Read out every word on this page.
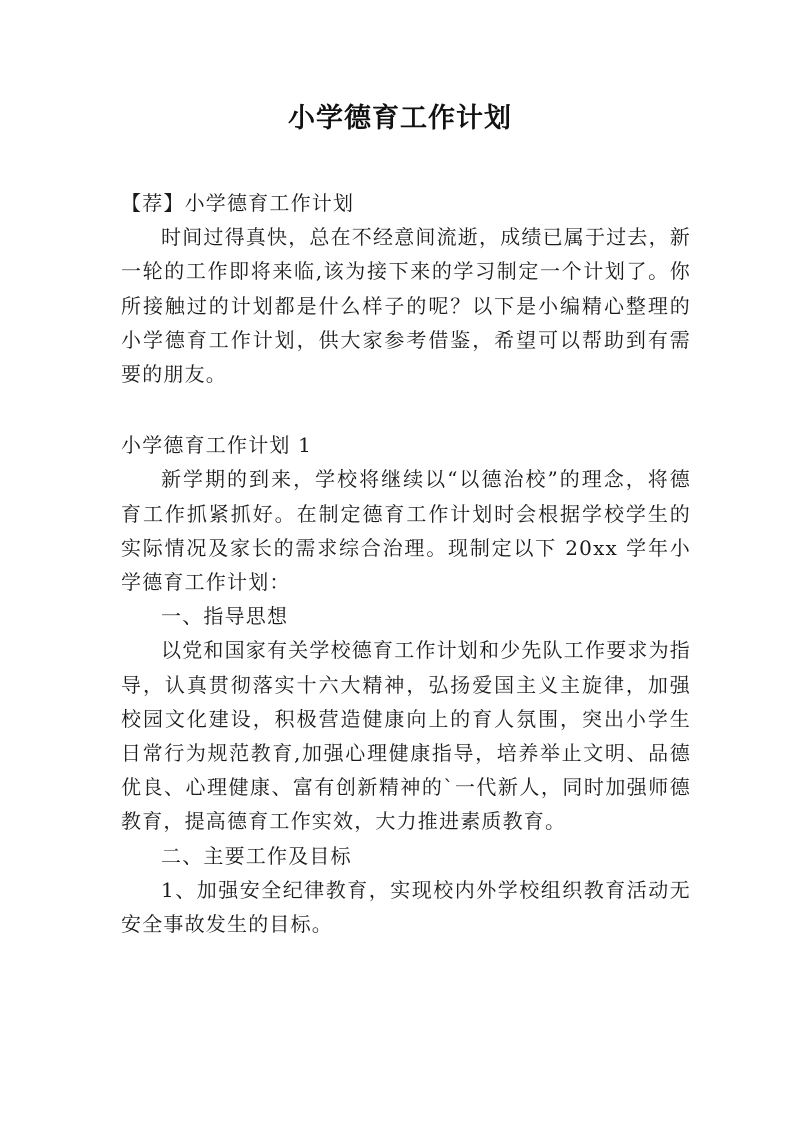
小学德育工作计划

【荐】小学德育工作计划

时间过得真快，总在不经意间流逝，成绩已属于过去，新一轮的工作即将来临,该为接下来的学习制定一个计划了。你所接触过的计划都是什么样子的呢？以下是小编精心整理的小学德育工作计划，供大家参考借鉴，希望可以帮助到有需要的朋友。

小学德育工作计划 1

新学期的到来，学校将继续以“以德治校”的理念，将德育工作抓紧抓好。在制定德育工作计划时会根据学校学生的实际情况及家长的需求综合治理。现制定以下 20xx 学年小学德育工作计划：

一、指导思想

以党和国家有关学校德育工作计划和少先队工作要求为指导，认真贯彻落实十六大精神，弘扬爱国主义主旋律，加强校园文化建设，积极营造健康向上的育人氛围，突出小学生日常行为规范教育,加强心理健康指导，培养举止文明、品德优良、心理健康、富有创新精神的`一代新人，同时加强师德教育，提高德育工作实效，大力推进素质教育。

二、主要工作及目标

1、加强安全纪律教育，实现校内外学校组织教育活动无安全事故发生的目标。
